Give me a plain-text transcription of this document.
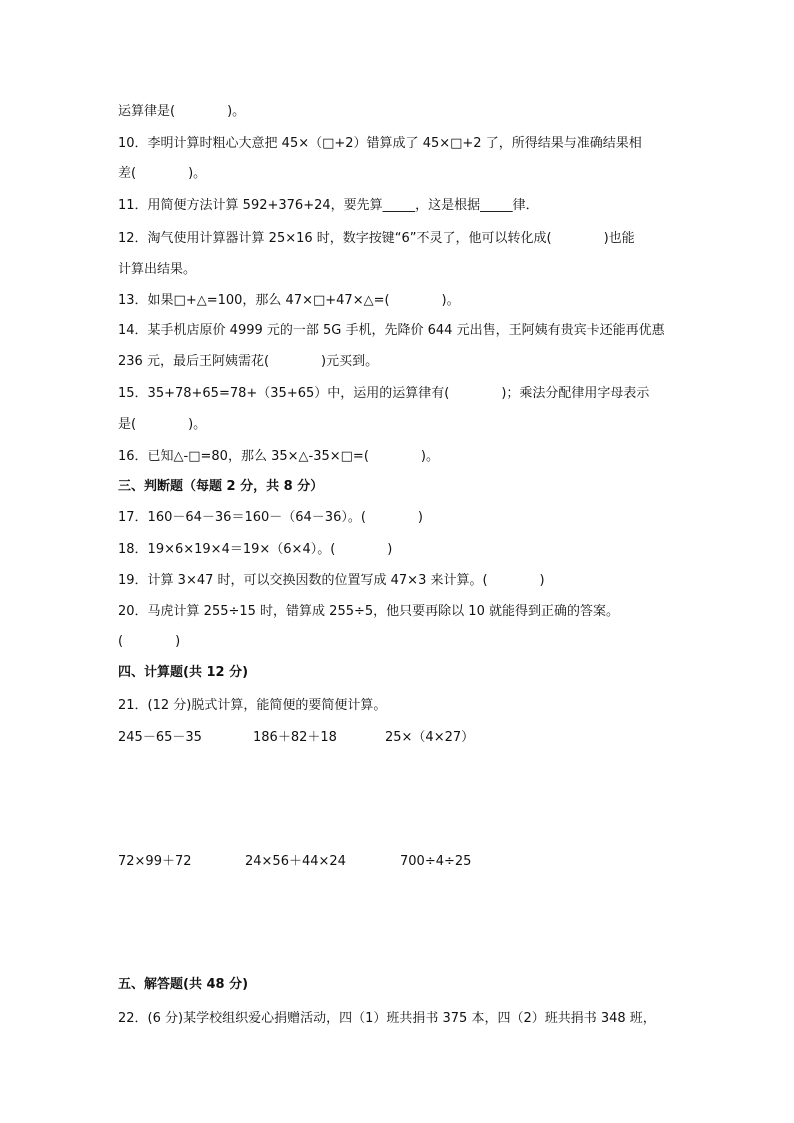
运算律是(　　　　)。
10．李明计算时粗心大意把 45×（□+2）错算成了 45×□+2 了，所得结果与准确结果相
差(　　　　)。
11．用简便方法计算 592+376+24，要先算_____，这是根据_____律．
12．淘气使用计算器计算 25×16 时，数字按键“6”不灵了，他可以转化成(　　　　)也能
计算出结果。
13．如果□+△=100，那么 47×□+47×△=(　　　　)。
14．某手机店原价 4999 元的一部 5G 手机，先降价 644 元出售，王阿姨有贵宾卡还能再优惠
236 元，最后王阿姨需花(　　　　)元买到。
15．35+78+65=78+（35+65）中，运用的运算律有(　　　　)；乘法分配律用字母表示
是(　　　　)。
16．已知△-□=80，那么 35×△-35×□=(　　　　)。
三、判断题（每题 2 分，共 8 分）
17．160－64－36＝160－（64－36）。(　　　　)
18．19×6×19×4＝19×（6×4）。(　　　　)
19．计算 3×47 时，可以交换因数的位置写成 47×3 来计算。(　　　　)
20．马虎计算 255÷15 时，错算成 255÷5，他只要再除以 10 就能得到正确的答案。
(　　　　)
四、计算题(共 12 分)
21．(12 分)脱式计算，能简便的要简便计算。
245－65－35	186＋82＋18	25×（4×27）
72×99＋72	24×56＋44×24	700÷4÷25
五、解答题(共 48 分)
22．(6 分)某学校组织爱心捐赠活动，四（1）班共捐书 375 本，四（2）班共捐书 348 班，
